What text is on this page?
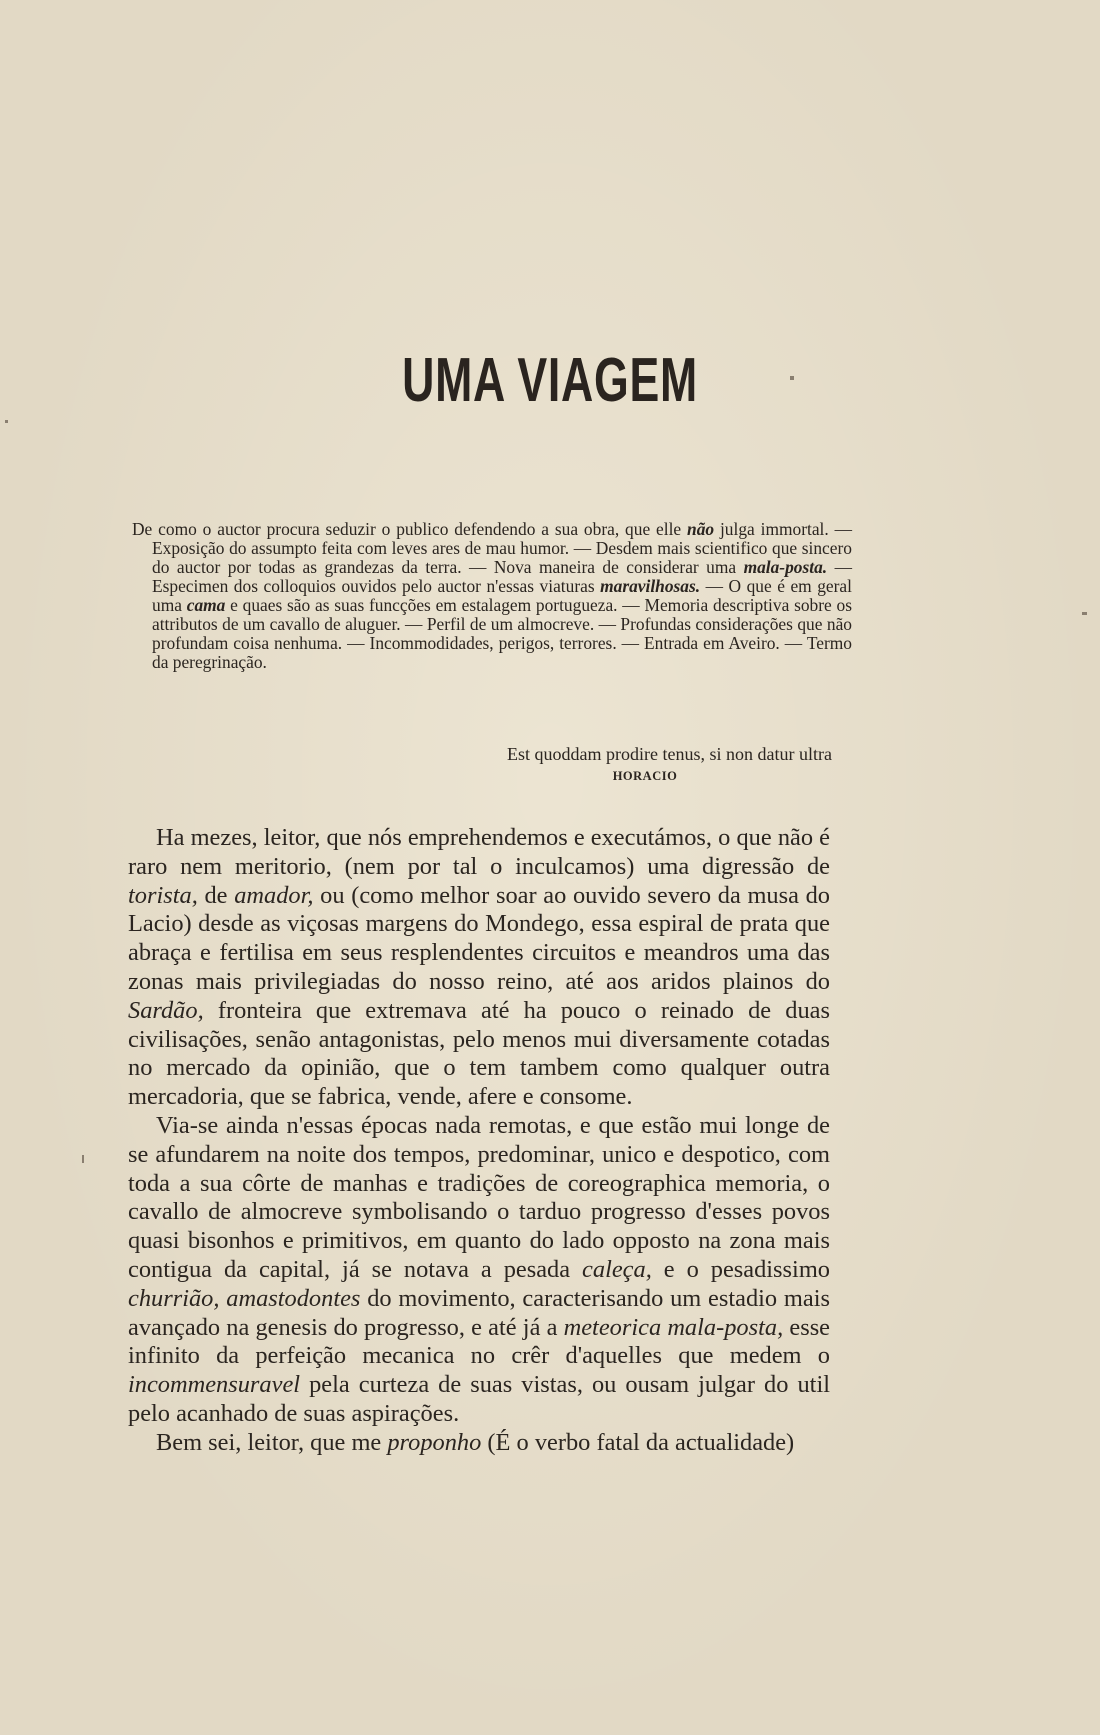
UMA VIAGEM
De como o auctor procura seduzir o publico defendendo a sua obra, que elle não julga immortal. — Exposição do assumpto feita com leves ares de mau humor. — Desdem mais scientifico que sincero do auctor por todas as grandezas da terra. — Nova maneira de considerar uma mala-posta. — Especimen dos colloquios ouvidos pelo auctor n'essas viaturas maravilhosas. — O que é em geral uma cama e quaes são as suas funcções em estalagem portugueza. — Memoria descriptiva sobre os attributos de um cavallo de aluguer. — Perfil de um almocreve. — Profundas considerações que não profundam coisa nenhuma. — Incommodidades, perigos, terrores. — Entrada em Aveiro. — Termo da peregrinação.
Est quoddam prodire tenus, si non datur ultra
HORACIO

Ha mezes, leitor, que nós emprehendemos e executámos, o que não é raro nem meritorio, (nem por tal o inculcamos) uma digressão de torista, de amador, ou (como melhor soar ao ouvido severo da musa do Lacio) desde as viçosas margens do Mondego, essa espiral de prata que abraça e fertilisa em seus resplendentes circuitos e meandros uma das zonas mais privilegiadas do nosso reino, até aos aridos plainos do Sardão, fronteira que extremava até ha pouco o reinado de duas civilisações, senão antagonistas, pelo menos mui diversamente cotadas no mercado da opinião, que o tem tambem como qualquer outra mercadoria, que se fabrica, vende, afere e consome.

Via-se ainda n'essas épocas nada remotas, e que estão mui longe de se afundarem na noite dos tempos, predominar, unico e despotico, com toda a sua côrte de manhas e tradições de coreographica memoria, o cavallo de almocreve symbolisando o tarduo progresso d'esses povos quasi bisonhos e primitivos, em quanto do lado opposto na zona mais contigua da capital, já se notava a pesada caleça, e o pesadissimo churrião, amastodontes do movimento, caracterisando um estadio mais avançado na genesis do progresso, e até já a meteorica mala-posta, esse infinito da perfeição mecanica no crêr d'aquelles que medem o incommensuravel pela curteza de suas vistas, ou ousam julgar do util pelo acanhado de suas aspirações.

Bem sei, leitor, que me proponho (É o verbo fatal da actualidade)
